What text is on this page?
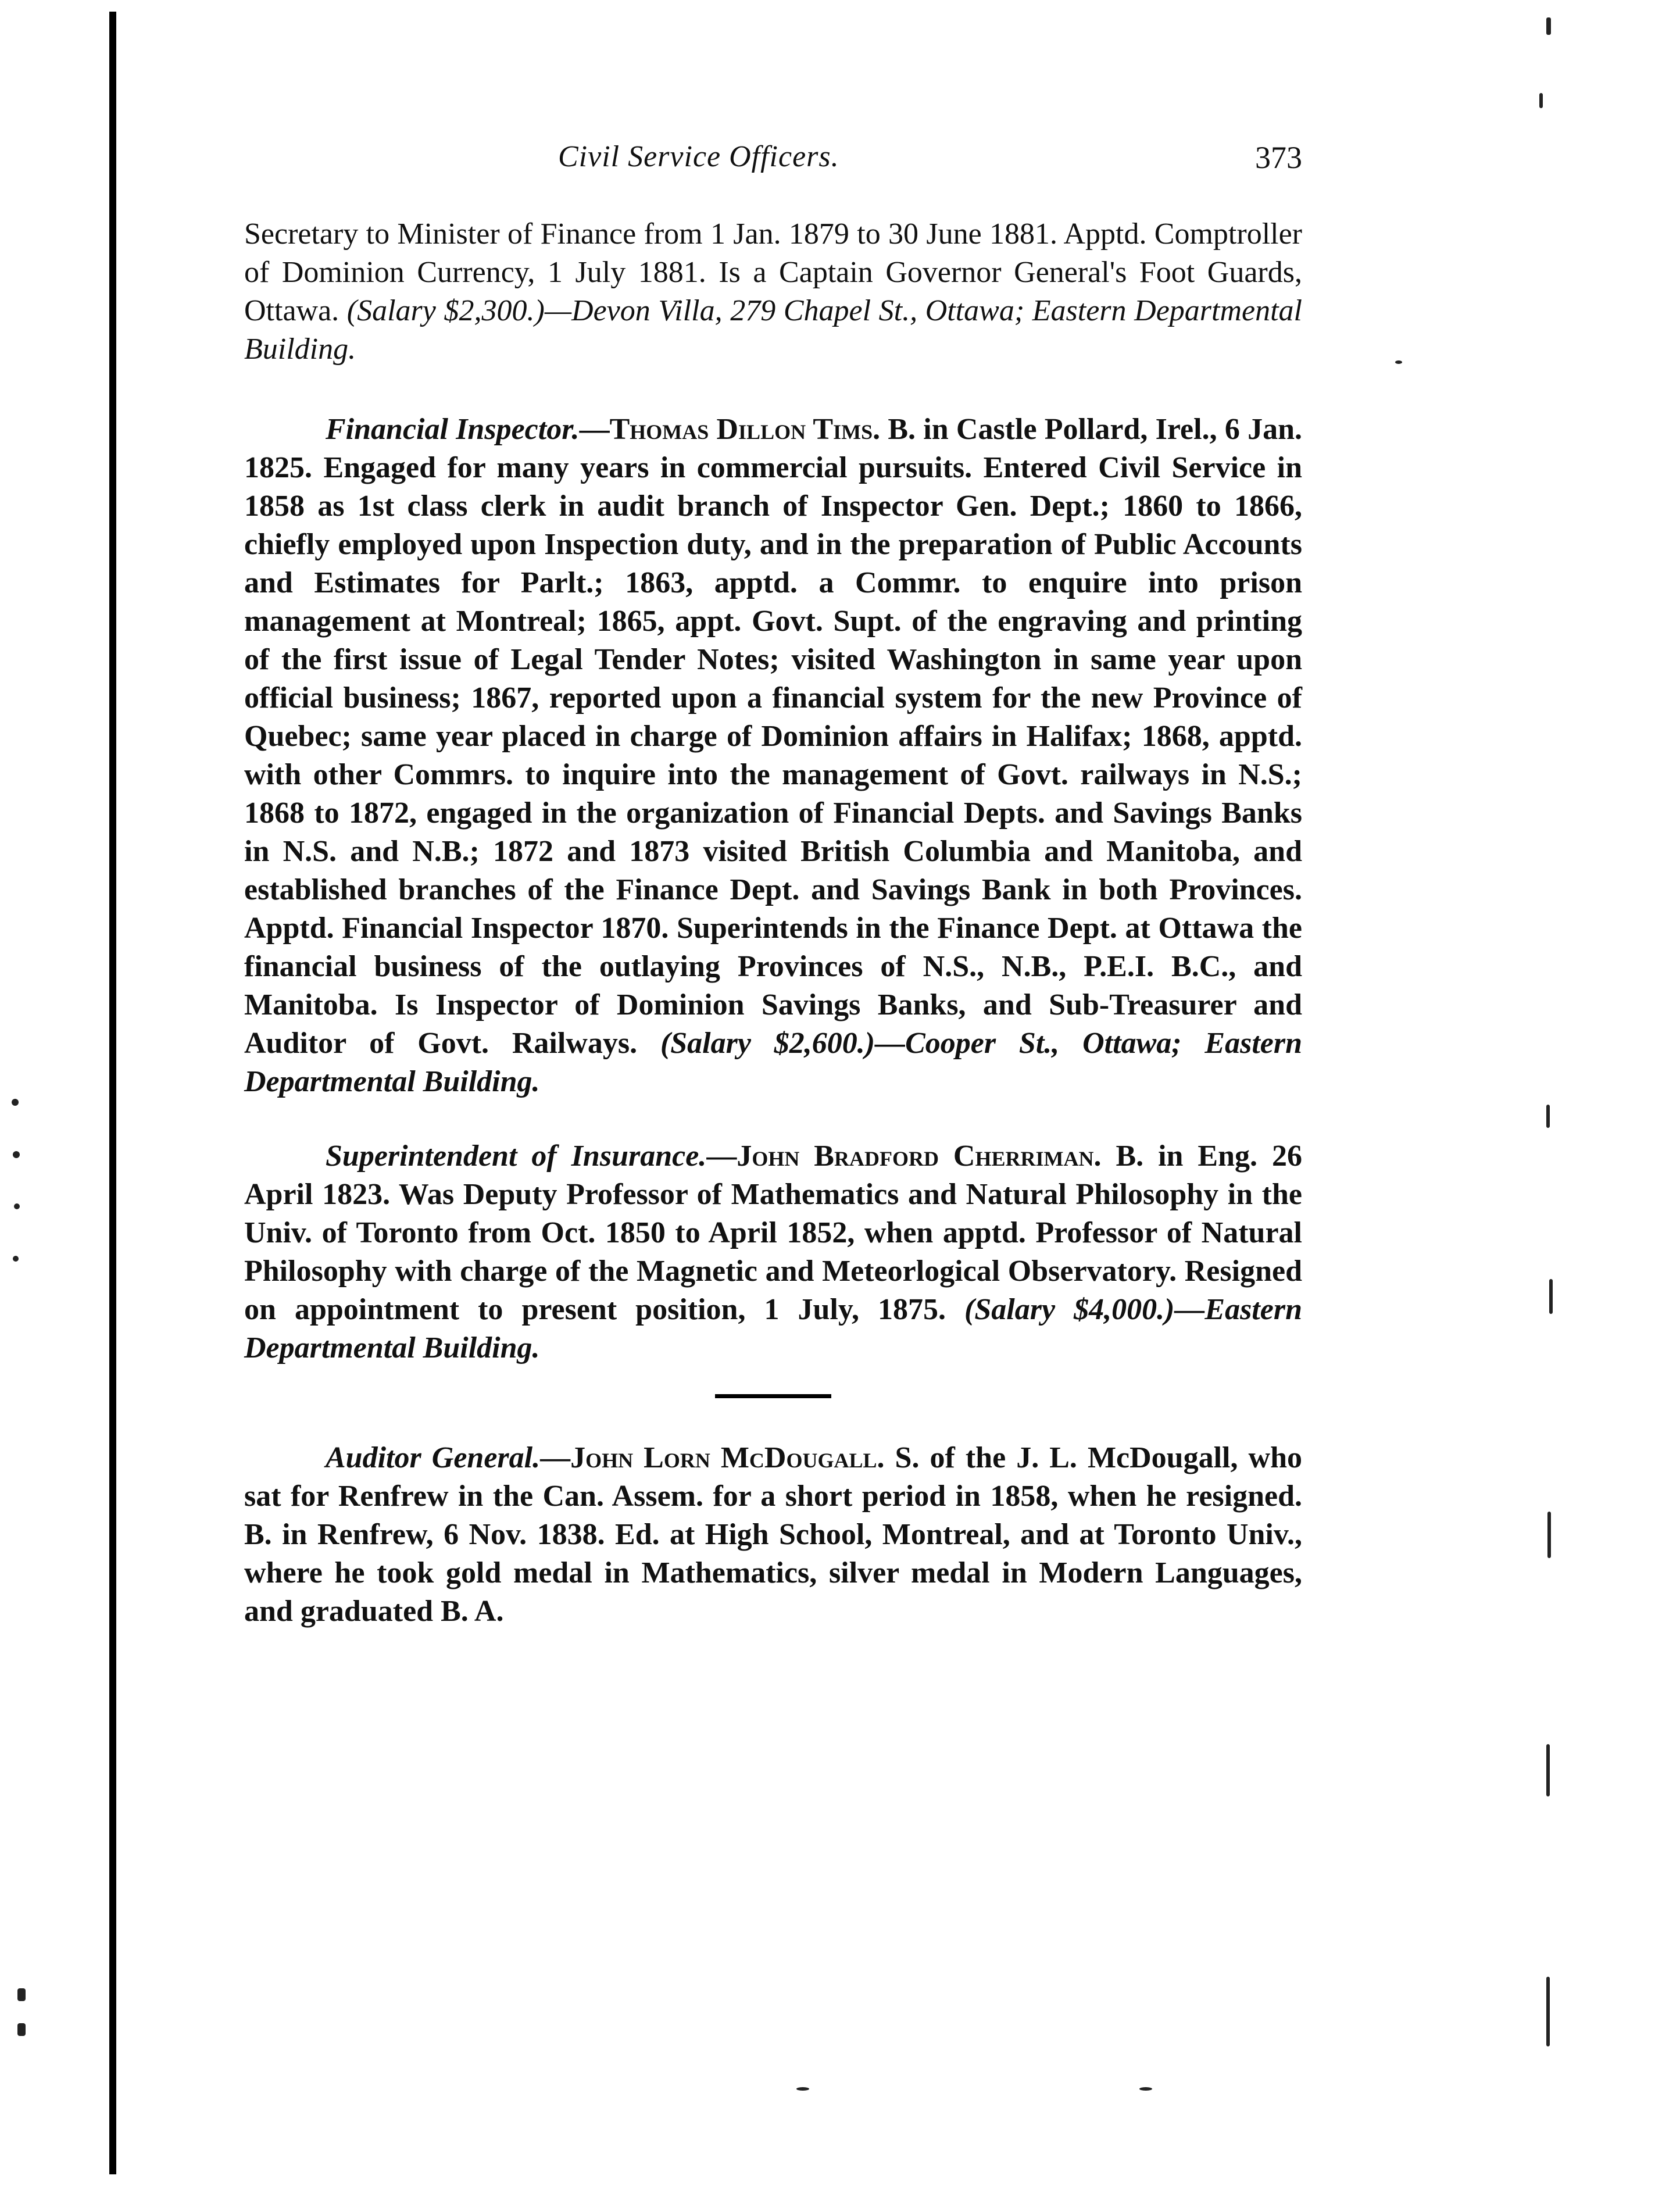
Civil Service Officers.	373

Secretary to Minister of Finance from 1 Jan. 1879 to 30 June 1881. Apptd. Comptroller of Dominion Currency, 1 July 1881. Is a Captain Governor General's Foot Guards, Ottawa. (Salary $2,300.)—Devon Villa, 279 Chapel St., Ottawa; Eastern Departmental Building.

Financial Inspector.—Thomas Dillon Tims. B. in Castle Pollard, Irel., 6 Jan. 1825. Engaged for many years in commercial pursuits. Entered Civil Service in 1858 as 1st class clerk in audit branch of Inspector Gen. Dept.; 1860 to 1866, chiefly employed upon Inspection duty, and in the preparation of Public Accounts and Estimates for Parlt.; 1863, apptd. a Commr. to enquire into prison management at Montreal; 1865, appt. Govt. Supt. of the engraving and printing of the first issue of Legal Tender Notes; visited Washington in same year upon official business; 1867, reported upon a financial system for the new Province of Quebec; same year placed in charge of Dominion affairs in Halifax; 1868, apptd. with other Commrs. to inquire into the management of Govt. railways in N.S.; 1868 to 1872, engaged in the organization of Financial Depts. and Savings Banks in N.S. and N.B.; 1872 and 1873 visited British Columbia and Manitoba, and established branches of the Finance Dept. and Savings Bank in both Provinces. Apptd. Financial Inspector 1870. Superintends in the Finance Dept. at Ottawa the financial business of the outlaying Provinces of N.S., N.B., P.E.I. B.C., and Manitoba. Is Inspector of Dominion Savings Banks, and Sub-Treasurer and Auditor of Govt. Railways. (Salary $2,600.)—Cooper St., Ottawa; Eastern Departmental Building.

Superintendent of Insurance.—John Bradford Cherriman. B. in Eng. 26 April 1823. Was Deputy Professor of Mathematics and Natural Philosophy in the Univ. of Toronto from Oct. 1850 to April 1852, when apptd. Professor of Natural Philosophy with charge of the Magnetic and Meteorlogical Observatory. Resigned on appointment to present position, 1 July, 1875. (Salary $4,000.)—Eastern Departmental Building.

Auditor General.—John Lorn McDougall. S. of the J. L. McDougall, who sat for Renfrew in the Can. Assem. for a short period in 1858, when he resigned. B. in Renfrew, 6 Nov. 1838. Ed. at High School, Montreal, and at Toronto Univ., where he took gold medal in Mathematics, silver medal in Modern Languages, and graduated B. A.
